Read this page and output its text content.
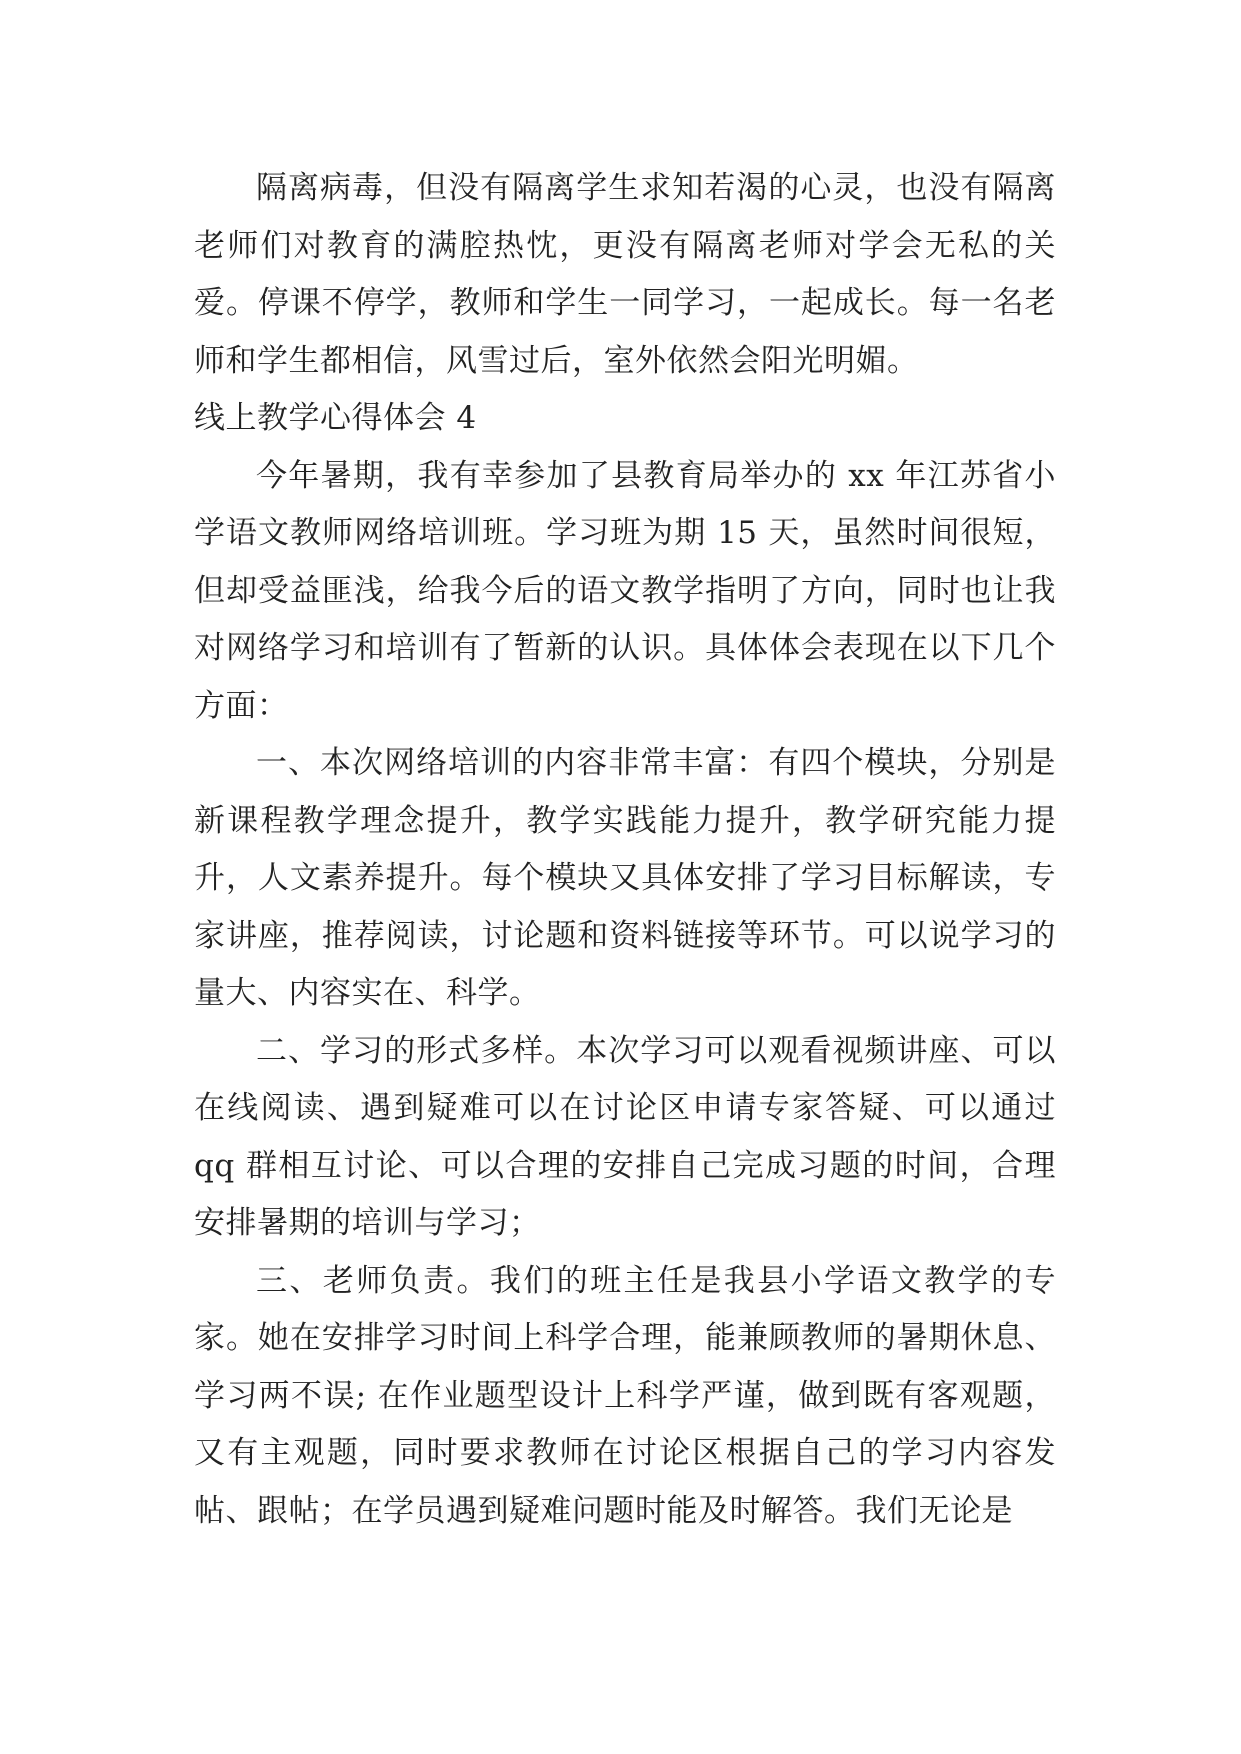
隔离病毒，但没有隔离学生求知若渴的心灵，也没有隔离老师们对教育的满腔热忱，更没有隔离老师对学会无私的关爱。停课不停学，教师和学生一同学习，一起成长。每一名老师和学生都相信，风雪过后，室外依然会阳光明媚。

线上教学心得体会 4

今年暑期，我有幸参加了县教育局举办的 xx 年江苏省小学语文教师网络培训班。学习班为期 15 天，虽然时间很短，但却受益匪浅，给我今后的语文教学指明了方向，同时也让我对网络学习和培训有了暂新的认识。具体体会表现在以下几个方面：

一、本次网络培训的内容非常丰富：有四个模块，分别是新课程教学理念提升，教学实践能力提升，教学研究能力提升，人文素养提升。每个模块又具体安排了学习目标解读，专家讲座，推荐阅读，讨论题和资料链接等环节。可以说学习的量大、内容实在、科学。

二、学习的形式多样。本次学习可以观看视频讲座、可以在线阅读、遇到疑难可以在讨论区申请专家答疑、可以通过 qq 群相互讨论、可以合理的安排自己完成习题的时间，合理安排暑期的培训与学习；

三、老师负责。我们的班主任是我县小学语文教学的专家。她在安排学习时间上科学合理，能兼顾教师的暑期休息、学习两不误; 在作业题型设计上科学严谨，做到既有客观题，又有主观题，同时要求教师在讨论区根据自己的学习内容发帖、跟帖；在学员遇到疑难问题时能及时解答。我们无论是
